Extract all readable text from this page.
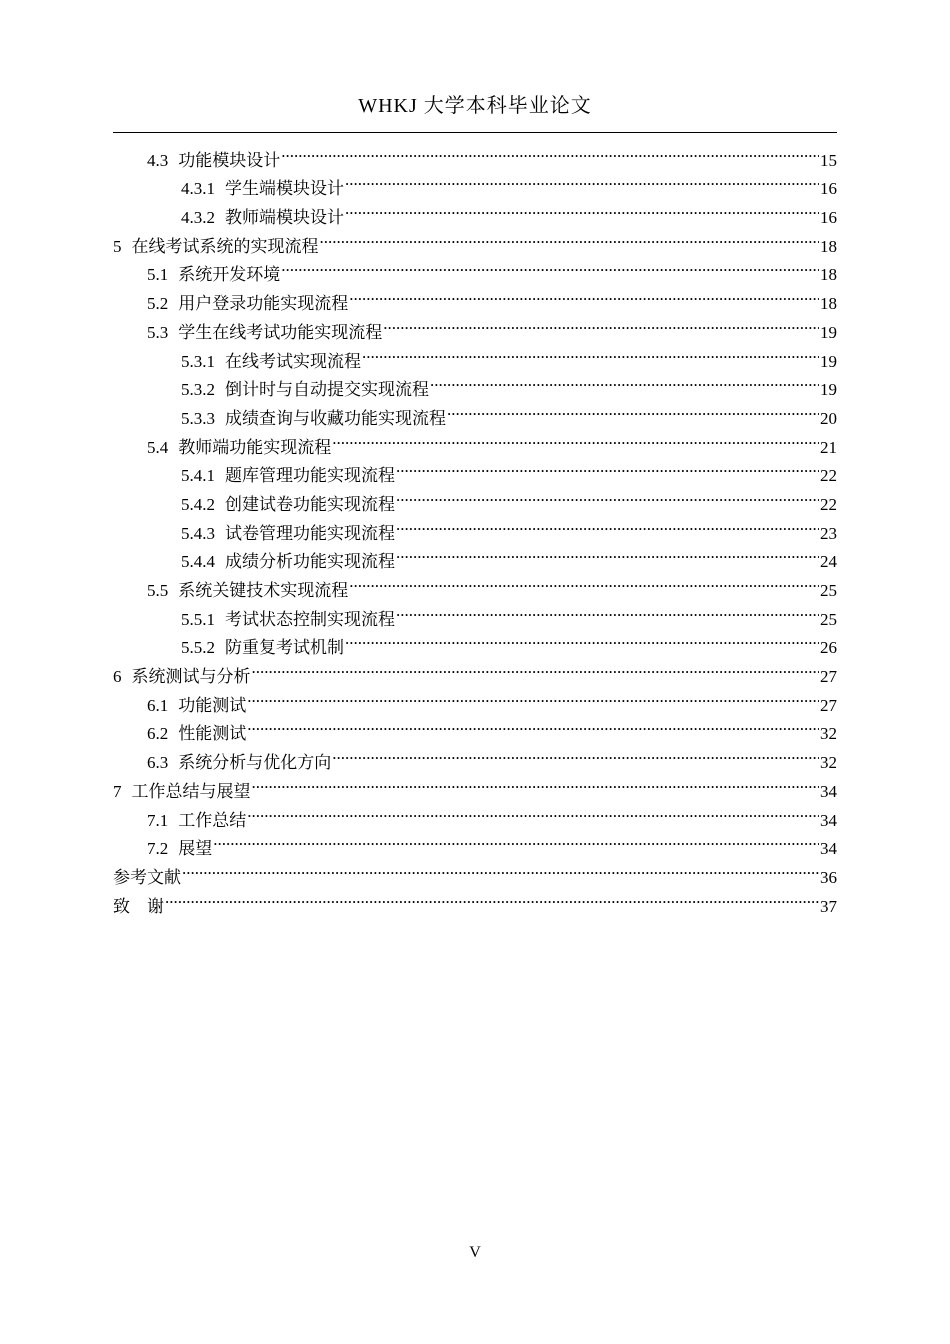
WHKJ 大学本科毕业论文
4.3 功能模块设计 .....	15
4.3.1 学生端模块设计 .....	16
4.3.2 教师端模块设计 .....	16
5 在线考试系统的实现流程 .....	18
5.1 系统开发环境 .....	18
5.2 用户登录功能实现流程 .....	18
5.3 学生在线考试功能实现流程 .....	19
5.3.1 在线考试实现流程 .....	19
5.3.2 倒计时与自动提交实现流程 .....	19
5.3.3 成绩查询与收藏功能实现流程 .....	20
5.4 教师端功能实现流程 .....	21
5.4.1 题库管理功能实现流程 .....	22
5.4.2 创建试卷功能实现流程 .....	22
5.4.3 试卷管理功能实现流程 .....	23
5.4.4 成绩分析功能实现流程 .....	24
5.5 系统关键技术实现流程 .....	25
5.5.1 考试状态控制实现流程 .....	25
5.5.2 防重复考试机制 .....	26
6 系统测试与分析 .....	27
6.1 功能测试 .....	27
6.2 性能测试 .....	32
6.3 系统分析与优化方向 .....	32
7 工作总结与展望 .....	34
7.1 工作总结 .....	34
7.2 展望 .....	34
参考文献 .....	36
致    谢 .....	37
V
